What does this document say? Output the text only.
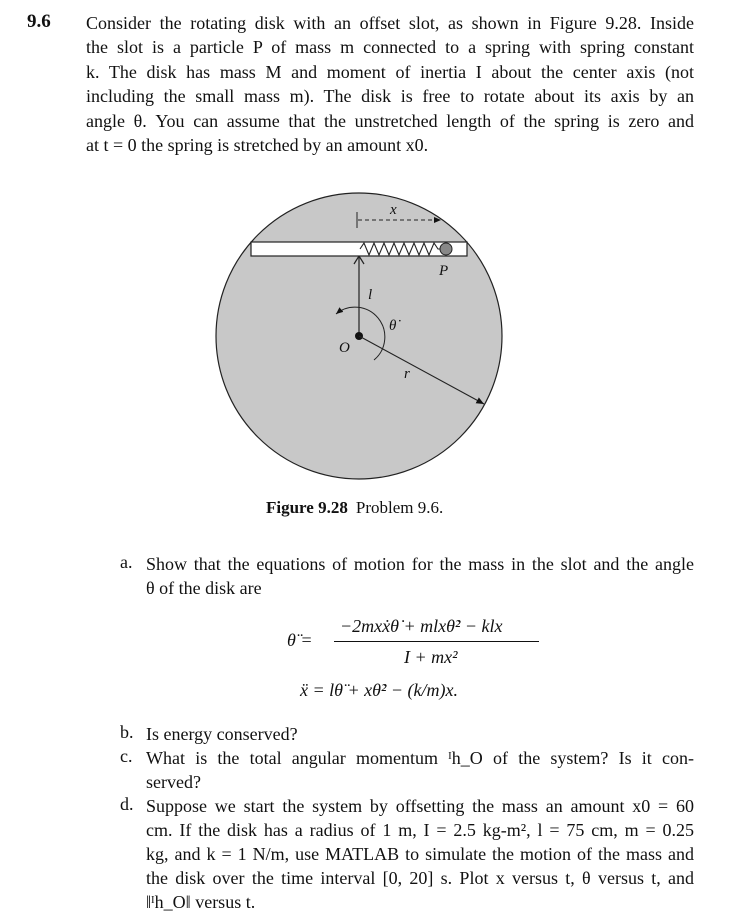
9.6 Consider the rotating disk with an offset slot, as shown in Figure 9.28. Inside
the slot is a particle P of mass m connected to a spring with spring constant
k. The disk has mass M and moment of inertia I about the center axis (not
including the small mass m). The disk is free to rotate about its axis by an
angle θ. You can assume that the unstretched length of the spring is zero and
at t = 0 the spring is stretched by an amount x0.
x
P
l
θ̇
O
r
Figure 9.28 Problem 9.6.
a. Show that the equations of motion for the mass in the slot and the angle
θ of the disk are
b. Is energy conserved?
c. What is the total angular momentum ᴵh_O of the system? Is it con-
served?
d. Suppose we start the system by offsetting the mass an amount x0 = 60
cm. If the disk has a radius of 1 m, I = 2.5 kg-m², l = 75 cm, m = 0.25
kg, and k = 1 N/m, use MATLAB to simulate the motion of the mass and
the disk over the time interval [0, 20] s. Plot x versus t, θ versus t, and
‖ᴵh_O‖ versus t.
θ̈ =
−2mxẋθ̇ + mlxθ̇² − klx
I + mx²
ẍ = lθ̈ + xθ̇² − (k/m)x.
